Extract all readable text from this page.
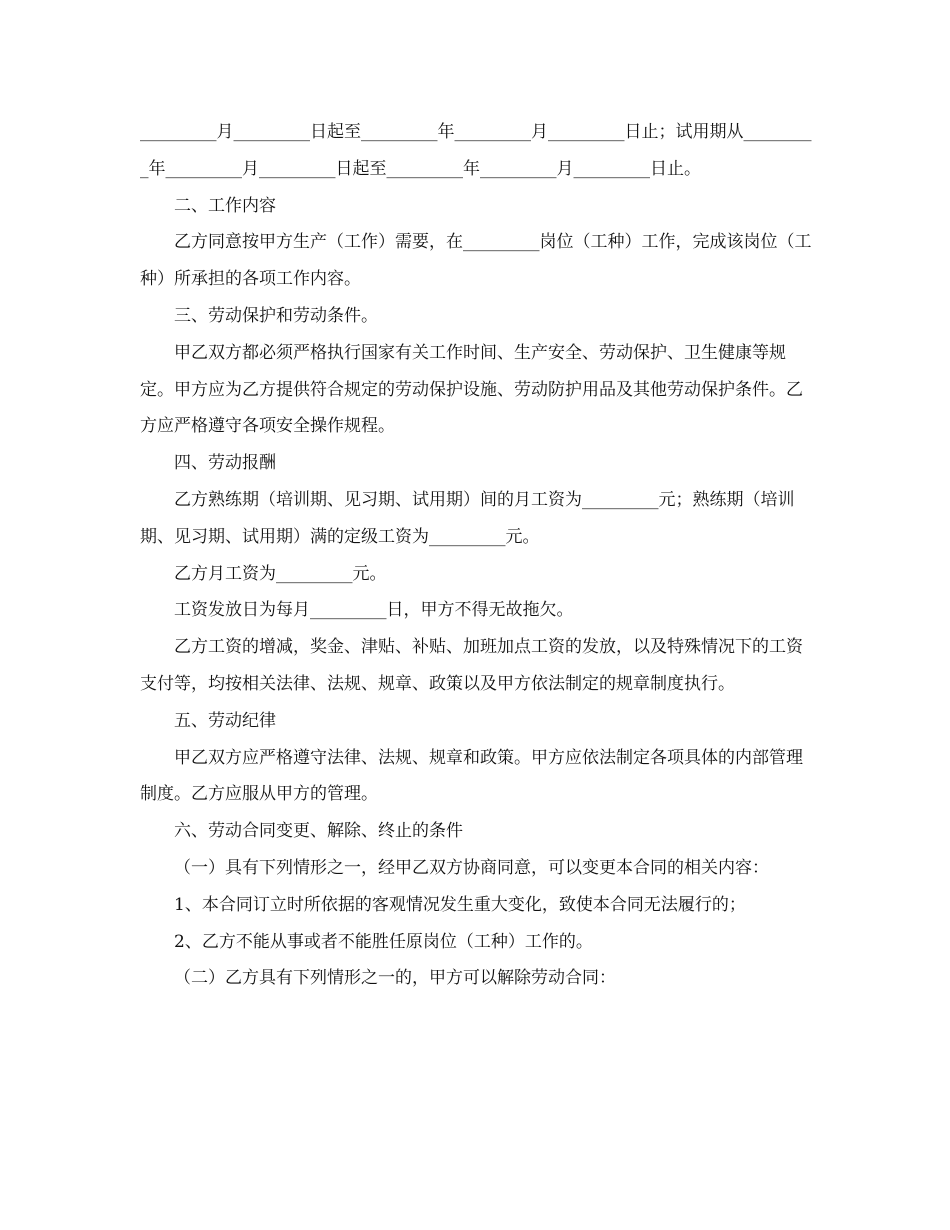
_________月_________日起至_________年_________月_________日止；试用期从_________年_________月_________日起至_________年_________月_________日止。

二、工作内容

乙方同意按甲方生产（工作）需要，在_________岗位（工种）工作，完成该岗位（工种）所承担的各项工作内容。

三、劳动保护和劳动条件。

甲乙双方都必须严格执行国家有关工作时间、生产安全、劳动保护、卫生健康等规定。甲方应为乙方提供符合规定的劳动保护设施、劳动防护用品及其他劳动保护条件。乙方应严格遵守各项安全操作规程。

四、劳动报酬

乙方熟练期（培训期、见习期、试用期）间的月工资为_________元；熟练期（培训期、见习期、试用期）满的定级工资为_________元。

乙方月工资为_________元。

工资发放日为每月_________日，甲方不得无故拖欠。

乙方工资的增减，奖金、津贴、补贴、加班加点工资的发放，以及特殊情况下的工资支付等，均按相关法律、法规、规章、政策以及甲方依法制定的规章制度执行。

五、劳动纪律

甲乙双方应严格遵守法律、法规、规章和政策。甲方应依法制定各项具体的内部管理制度。乙方应服从甲方的管理。

六、劳动合同变更、解除、终止的条件

（一）具有下列情形之一，经甲乙双方协商同意，可以变更本合同的相关内容：

1、本合同订立时所依据的客观情况发生重大变化，致使本合同无法履行的；

2、乙方不能从事或者不能胜任原岗位（工种）工作的。

（二）乙方具有下列情形之一的，甲方可以解除劳动合同：
